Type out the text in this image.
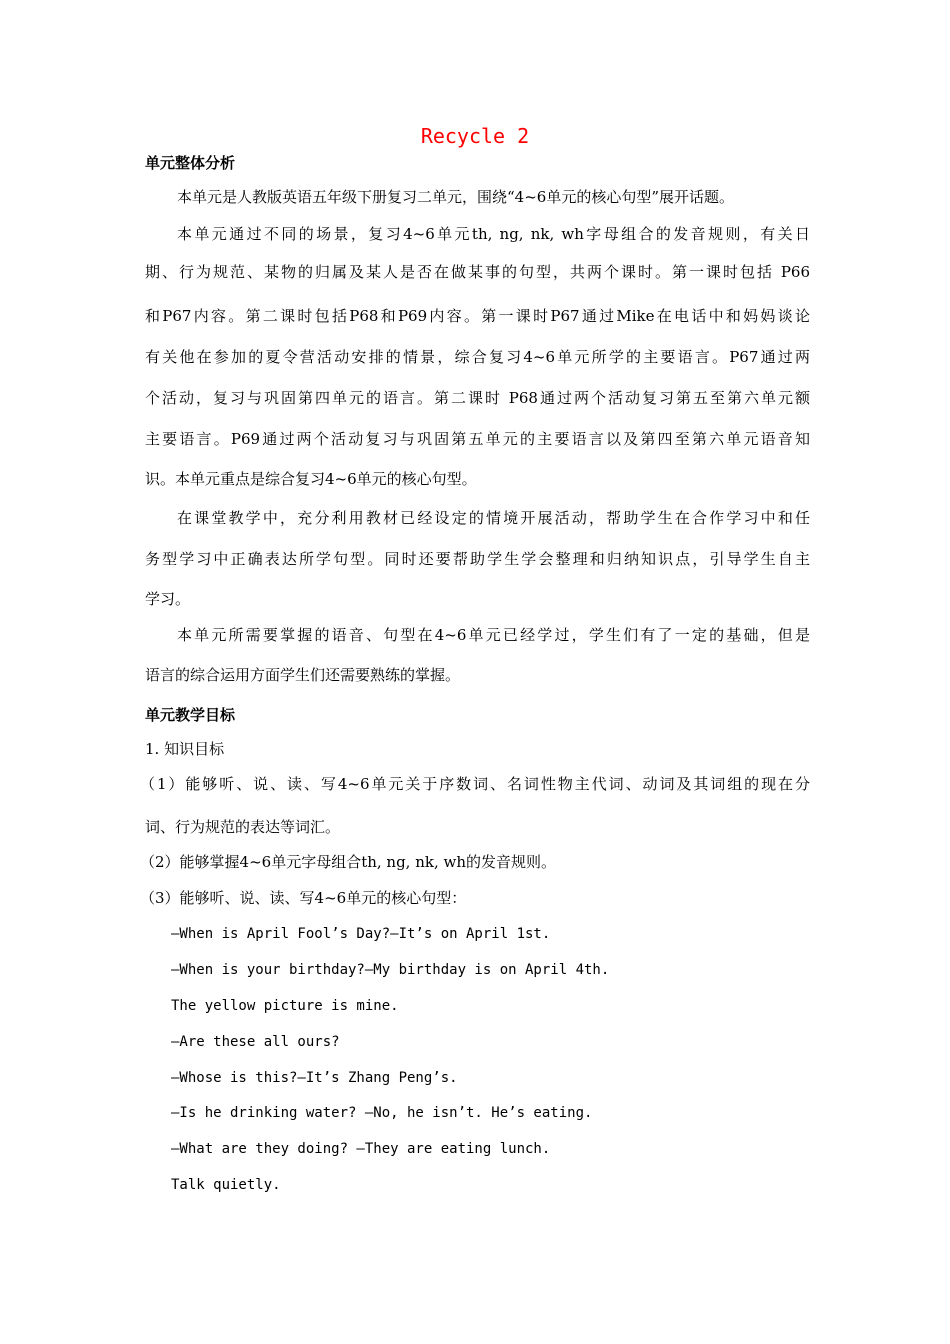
Recycle 2
单元整体分析
本单元是人教版英语五年级下册复习二单元，围绕“4~6单元的核心句型”展开话题。
本单元通过不同的场景，复习4~6单元th, ng, nk, wh字母组合的发音规则，有关日
期、行为规范、某物的归属及某人是否在做某事的句型，共两个课时。第一课时包括 P66
和P67内容。第二课时包括P68和P69内容。第一课时P67通过Mike在电话中和妈妈谈论
有关他在参加的夏令营活动安排的情景，综合复习4~6单元所学的主要语言。P67通过两
个活动，复习与巩固第四单元的语言。第二课时 P68通过两个活动复习第五至第六单元额
主要语言。P69通过两个活动复习与巩固第五单元的主要语言以及第四至第六单元语音知
识。本单元重点是综合复习4~6单元的核心句型。
在课堂教学中，充分利用教材已经设定的情境开展活动，帮助学生在合作学习中和任
务型学习中正确表达所学句型。同时还要帮助学生学会整理和归纳知识点，引导学生自主
学习。
本单元所需要掌握的语音、句型在4~6单元已经学过，学生们有了一定的基础，但是
语言的综合运用方面学生们还需要熟练的掌握。
单元教学目标
1. 知识目标
（1）能够听、说、读、写4~6单元关于序数词、名词性物主代词、动词及其词组的现在分
词、行为规范的表达等词汇。
（2）能够掌握4~6单元字母组合th, ng, nk, wh的发音规则。
（3）能够听、说、读、写4~6单元的核心句型：
—When is April Fool’s Day?—It’s on April 1st.
—When is your birthday?—My birthday is on April 4th.
The yellow picture is mine.
—Are these all ours?
—Whose is this?—It’s Zhang Peng’s.
—Is he drinking water? —No, he isn’t. He’s eating.
—What are they doing? —They are eating lunch.
Talk quietly.
